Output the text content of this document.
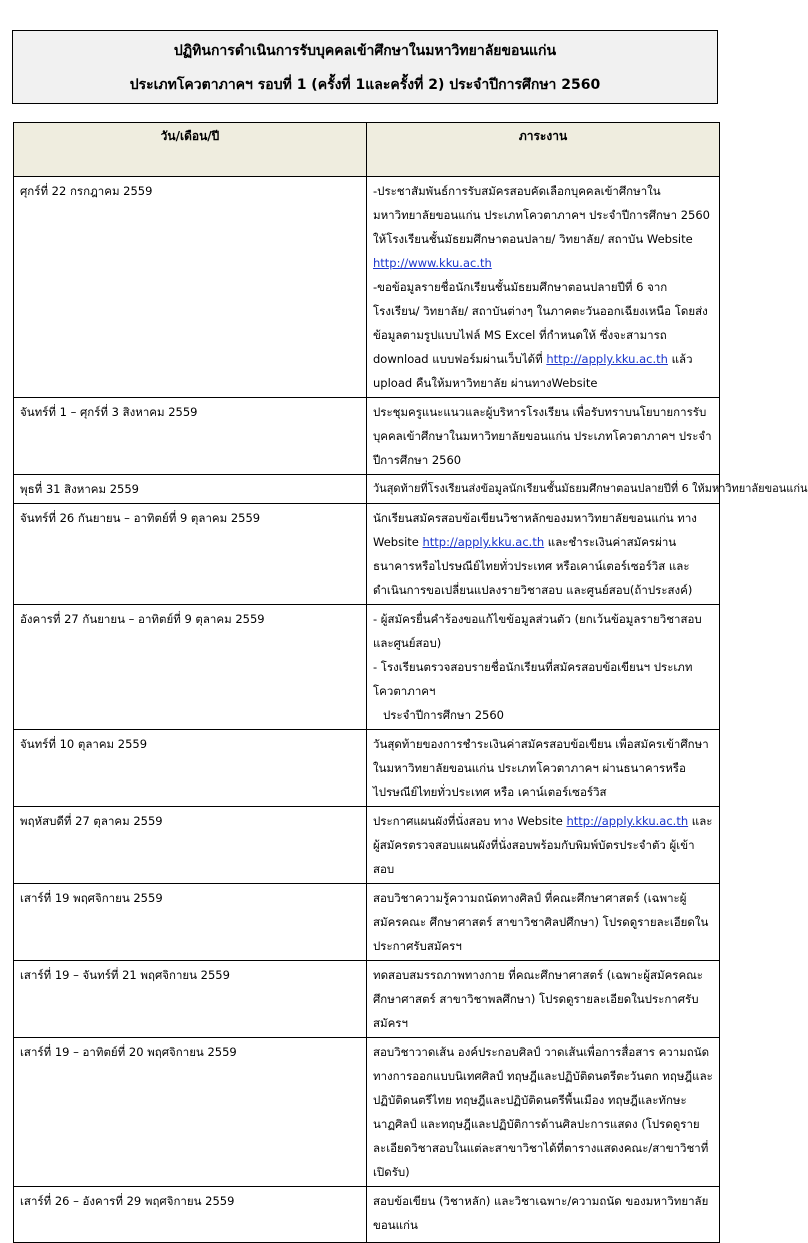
ปฏิทินการดำเนินการรับบุคคลเข้าศึกษาในมหาวิทยาลัยขอนแก่น
ประเภทโควตาภาคฯ รอบที่ 1 (ครั้งที่ 1และครั้งที่ 2) ประจำปีการศึกษา 2560
วัน/เดือน/ปี	ภาระงาน
ศุกร์ที่ 22 กรกฎาคม 2559	-ประชาสัมพันธ์การรับสมัครสอบคัดเลือกบุคคลเข้าศึกษาในมหาวิทยาลัยขอนแก่น ประเภทโควตาภาคฯ ประจำปีการศึกษา 2560 ให้โรงเรียนชั้นมัธยมศึกษาตอนปลาย/ วิทยาลัย/ สถาบัน Website http://www.kku.ac.th
-ขอข้อมูลรายชื่อนักเรียนชั้นมัธยมศึกษาตอนปลายปีที่ 6 จากโรงเรียน/ วิทยาลัย/ สถาบันต่างๆ ในภาคตะวันออกเฉียงเหนือ โดยส่งข้อมูลตามรูปแบบไฟล์ MS Excel ที่กำหนดให้ ซึ่งจะสามารถ download แบบฟอร์มผ่านเว็บได้ที่ http://apply.kku.ac.th แล้ว upload คืนให้มหาวิทยาลัย ผ่านทางWebsite
จันทร์ที่ 1 – ศุกร์ที่ 3 สิงหาคม 2559	ประชุมครูแนะแนวและผู้บริหารโรงเรียน เพื่อรับทราบนโยบายการรับบุคคลเข้าศึกษาในมหาวิทยาลัยขอนแก่น ประเภทโควตาภาคฯ ประจำปีการศึกษา 2560
พุธที่ 31 สิงหาคม 2559	วันสุดท้ายที่โรงเรียนส่งข้อมูลนักเรียนชั้นมัธยมศึกษาตอนปลายปีที่ 6 ให้มหาวิทยาลัยขอนแก่น
จันทร์ที่ 26 กันยายน – อาทิตย์ที่ 9 ตุลาคม 2559	นักเรียนสมัครสอบข้อเขียนวิชาหลักของมหาวิทยาลัยขอนแก่น ทาง Website http://apply.kku.ac.th และชำระเงินค่าสมัครผ่านธนาคารหรือไปรษณีย์ไทยทั่วประเทศ หรือเคาน์เตอร์เซอร์วิส และดำเนินการขอเปลี่ยนแปลงรายวิชาสอบ และศูนย์สอบ(ถ้าประสงค์)
อังคารที่ 27 กันยายน – อาทิตย์ที่ 9 ตุลาคม 2559	- ผู้สมัครยื่นคำร้องขอแก้ไขข้อมูลส่วนตัว (ยกเว้นข้อมูลรายวิชาสอบและศูนย์สอบ)
- โรงเรียนตรวจสอบรายชื่อนักเรียนที่สมัครสอบข้อเขียนฯ ประเภทโควตาภาคฯ
ประจำปีการศึกษา 2560

จันทร์ที่ 10 ตุลาคม 2559	วันสุดท้ายของการชำระเงินค่าสมัครสอบข้อเขียน เพื่อสมัครเข้าศึกษาในมหาวิทยาลัยขอนแก่น ประเภทโควตาภาคฯ ผ่านธนาคารหรือไปรษณีย์ไทยทั่วประเทศ หรือ เคาน์เตอร์เซอร์วิส
พฤหัสบดีที่ 27 ตุลาคม 2559	ประกาศแผนผังที่นั่งสอบ ทาง Website http://apply.kku.ac.th และผู้สมัครตรวจสอบแผนผังที่นั่งสอบพร้อมกับพิมพ์บัตรประจำตัว ผู้เข้าสอบ
เสาร์ที่ 19 พฤศจิกายน 2559	สอบวิชาความรู้ความถนัดทางศิลป์ ที่คณะศึกษาศาสตร์ (เฉพาะผู้สมัครคณะ ศึกษาศาสตร์ สาขาวิชาศิลปศึกษา) โปรดดูรายละเอียดในประกาศรับสมัครฯ
เสาร์ที่ 19 – จันทร์ที่ 21 พฤศจิกายน 2559	ทดสอบสมรรถภาพทางกาย ที่คณะศึกษาศาสตร์ (เฉพาะผู้สมัครคณะศึกษาศาสตร์ สาขาวิชาพลศึกษา) โปรดดูรายละเอียดในประกาศรับสมัครฯ
เสาร์ที่ 19 – อาทิตย์ที่ 20 พฤศจิกายน 2559	สอบวิชาวาดเส้น องค์ประกอบศิลป์ วาดเส้นเพื่อการสื่อสาร ความถนัดทางการออกแบบนิเทศศิลป์ ทฤษฎีและปฏิบัติดนตรีตะวันตก ทฤษฎีและปฏิบัติดนตรีไทย ทฤษฎีและปฏิบัติดนตรีพื้นเมือง ทฤษฎีและทักษะนาฏศิลป์ และทฤษฎีและปฏิบัติการด้านศิลปะการแสดง (โปรดดูรายละเอียดวิชาสอบในแต่ละสาขาวิชาได้ที่ตารางแสดงคณะ/สาขาวิชาที่เปิดรับ)
เสาร์ที่ 26 – อังคารที่ 29 พฤศจิกายน 2559	สอบข้อเขียน (วิชาหลัก) และวิชาเฉพาะ/ความถนัด ของมหาวิทยาลัยขอนแก่น
